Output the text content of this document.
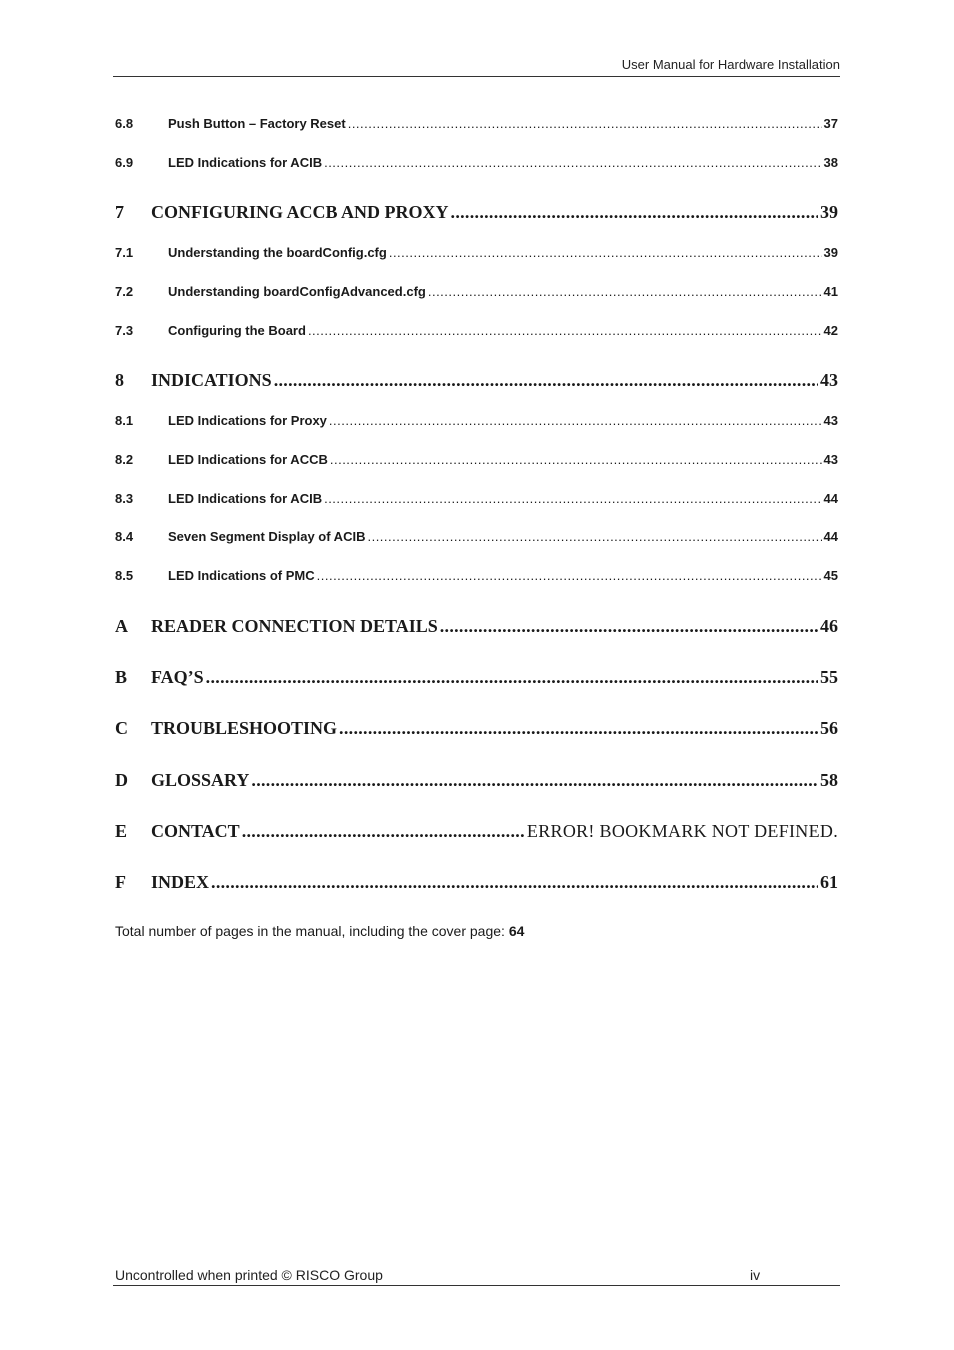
User Manual for Hardware Installation
6.8	Push Button – Factory Reset .....	37
6.9	LED Indications for ACIB .....	38
7	CONFIGURING ACCB AND PROXY .....	39
7.1	Understanding the boardConfig.cfg .....	39
7.2	Understanding boardConfigAdvanced.cfg .....	41
7.3	Configuring the Board .....	42
8	INDICATIONS .....	43
8.1	LED Indications for Proxy .....	43
8.2	LED Indications for ACCB .....	43
8.3	LED Indications for ACIB .....	44
8.4	Seven Segment Display of ACIB .....	44
8.5	LED Indications of PMC .....	45
A	READER CONNECTION DETAILS .....	46
B	FAQ’S .....	55
C	TROUBLESHOOTING .....	56
D	GLOSSARY .....	58
E	CONTACT .....	ERROR! BOOKMARK NOT DEFINED.
F	INDEX .....	61
Total number of pages in the manual, including the cover page: 64
Uncontrolled when printed © RISCO Group	iv
